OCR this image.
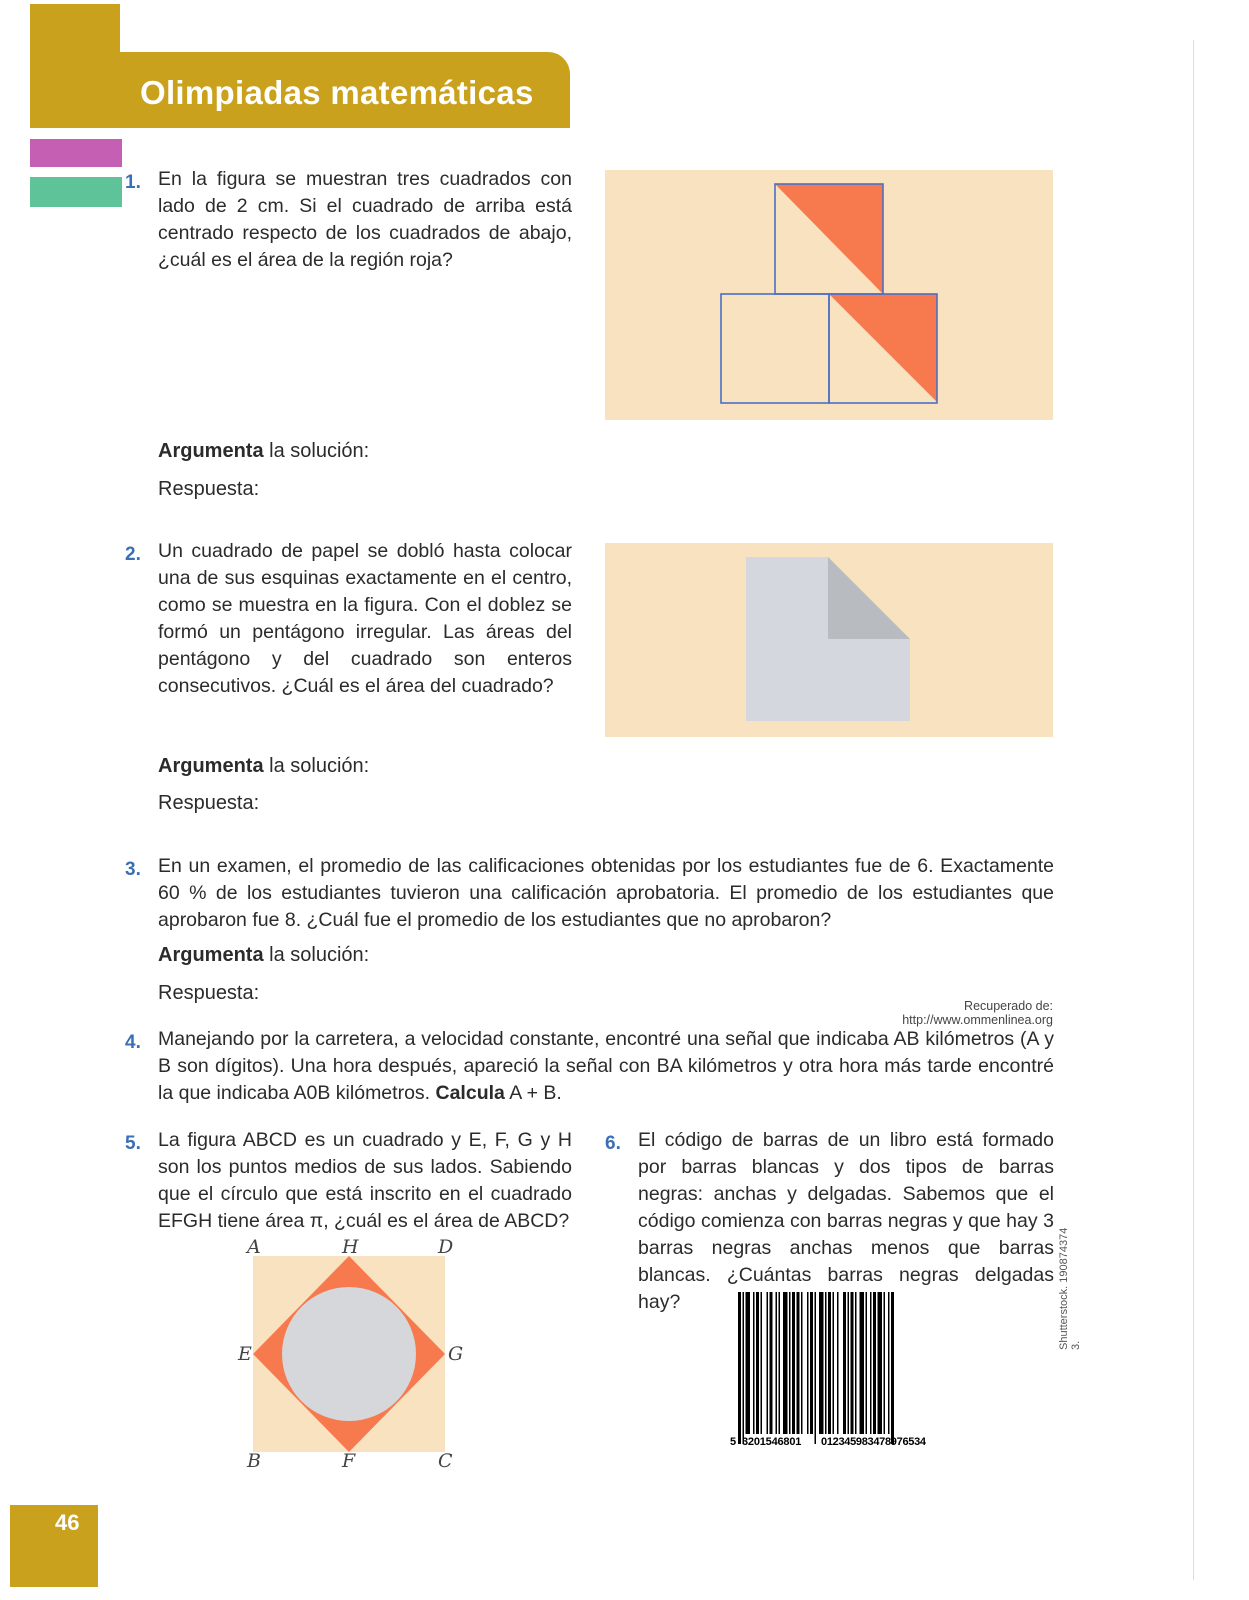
Olimpiadas matemáticas
1. En la figura se muestran tres cuadrados con lado de 2 cm. Si el cuadrado de arriba está centrado respecto de los cuadrados de abajo, ¿cuál es el área de la región roja?
Argumenta la solución:
Respuesta:
2. Un cuadrado de papel se dobló hasta colocar una de sus esquinas exactamente en el centro, como se muestra en la figura. Con el doblez se formó un pentágono irregular. Las áreas del pentágono y del cuadrado son enteros consecutivos. ¿Cuál es el área del cuadrado?
Argumenta la solución:
Respuesta:
3. En un examen, el promedio de las calificaciones obtenidas por los estudiantes fue de 6. Exactamente 60 % de los estudiantes tuvieron una calificación aprobatoria. El promedio de los estudiantes que aprobaron fue 8. ¿Cuál fue el promedio de los estudiantes que no aprobaron?
Argumenta la solución:
Respuesta:
Recuperado de: http://www.ommenlinea.org
4. Manejando por la carretera, a velocidad constante, encontré una señal que indicaba AB kilómetros (A y B son dígitos). Una hora después, apareció la señal con BA kilómetros y otra hora más tarde encontré la que indicaba A0B kilómetros. Calcula A + B.
5. La figura ABCD es un cuadrado y E, F, G y H son los puntos medios de sus lados. Sabiendo que el círculo que está inscrito en el cuadrado EFGH tiene área π, ¿cuál es el área de ABCD?
A	H	D
E	G
B	F	C
6. El código de barras de un libro está formado por barras blancas y dos tipos de barras negras: anchas y delgadas. Sabemos que el código comienza con barras negras y que hay 3 barras negras anchas menos que barras blancas. ¿Cuántas barras negras delgadas hay?
5 3201546801 012345983478976534
Shutterstock. 190874374 3.
46
